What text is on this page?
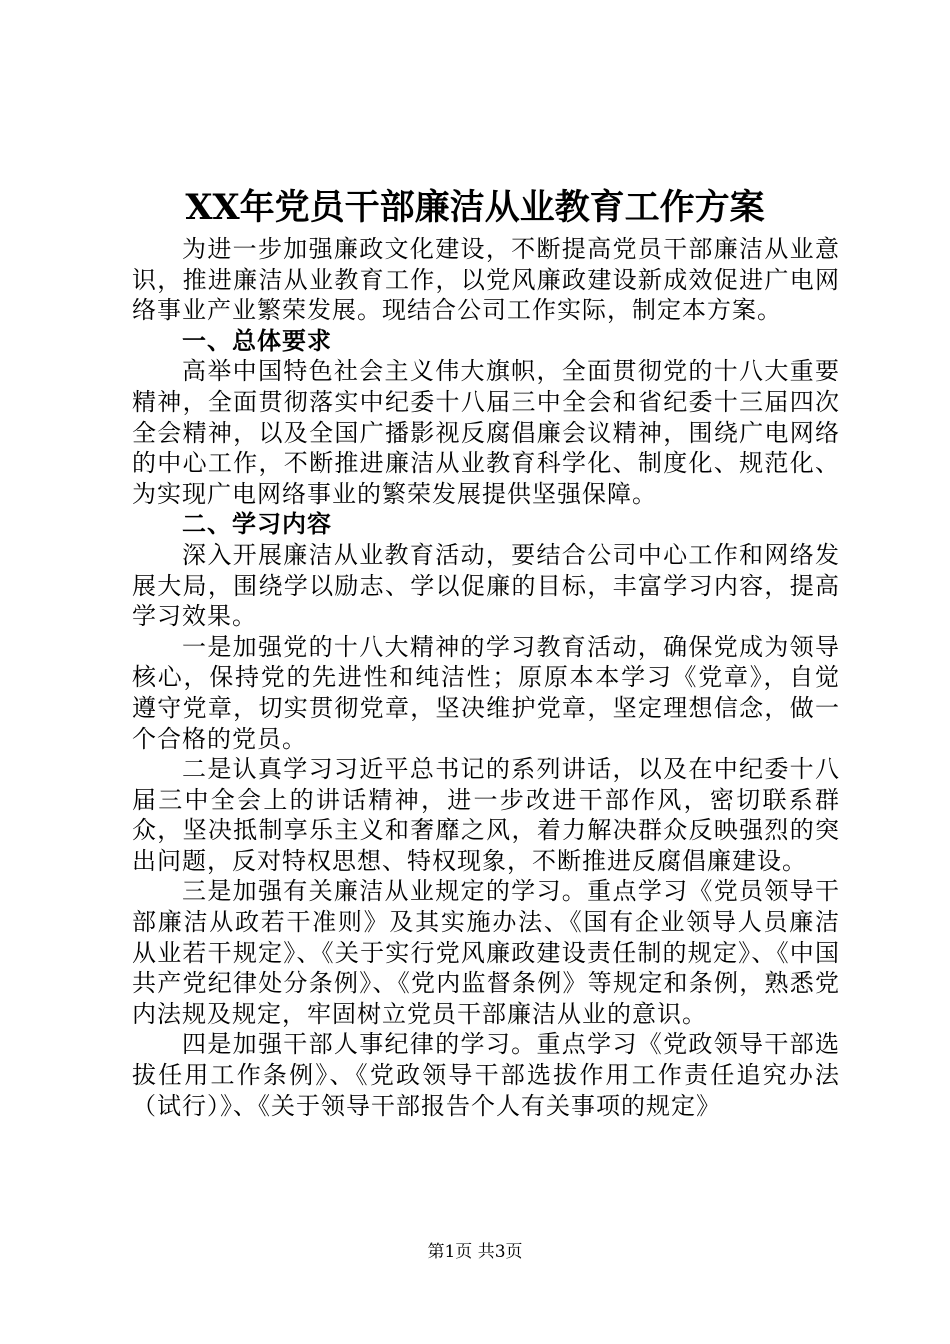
XX年党员干部廉洁从业教育工作方案

为进一步加强廉政文化建设，不断提高党员干部廉洁从业意识，推进廉洁从业教育工作，以党风廉政建设新成效促进广电网络事业产业繁荣发展。现结合公司工作实际，制定本方案。

一、总体要求

高举中国特色社会主义伟大旗帜，全面贯彻党的十八大重要精神，全面贯彻落实中纪委十八届三中全会和省纪委十三届四次全会精神，以及全国广播影视反腐倡廉会议精神，围绕广电网络的中心工作，不断推进廉洁从业教育科学化、制度化、规范化、为实现广电网络事业的繁荣发展提供坚强保障。

二、学习内容

深入开展廉洁从业教育活动，要结合公司中心工作和网络发展大局，围绕学以励志、学以促廉的目标，丰富学习内容，提高学习效果。

一是加强党的十八大精神的学习教育活动，确保党成为领导核心，保持党的先进性和纯洁性；原原本本学习《党章》，自觉遵守党章，切实贯彻党章，坚决维护党章，坚定理想信念，做一个合格的党员。

二是认真学习习近平总书记的系列讲话，以及在中纪委十八届三中全会上的讲话精神，进一步改进干部作风，密切联系群众，坚决抵制享乐主义和奢靡之风，着力解决群众反映强烈的突出问题，反对特权思想、特权现象，不断推进反腐倡廉建设。

三是加强有关廉洁从业规定的学习。重点学习《党员领导干部廉洁从政若干准则》及其实施办法、《国有企业领导人员廉洁从业若干规定》、《关于实行党风廉政建设责任制的规定》、《中国共产党纪律处分条例》、《党内监督条例》等规定和条例，熟悉党内法规及规定，牢固树立党员干部廉洁从业的意识。

四是加强干部人事纪律的学习。重点学习《党政领导干部选拔任用工作条例》、《党政领导干部选拔作用工作责任追究办法（试行）》、《关于领导干部报告个人有关事项的规定》

第1页 共3页
